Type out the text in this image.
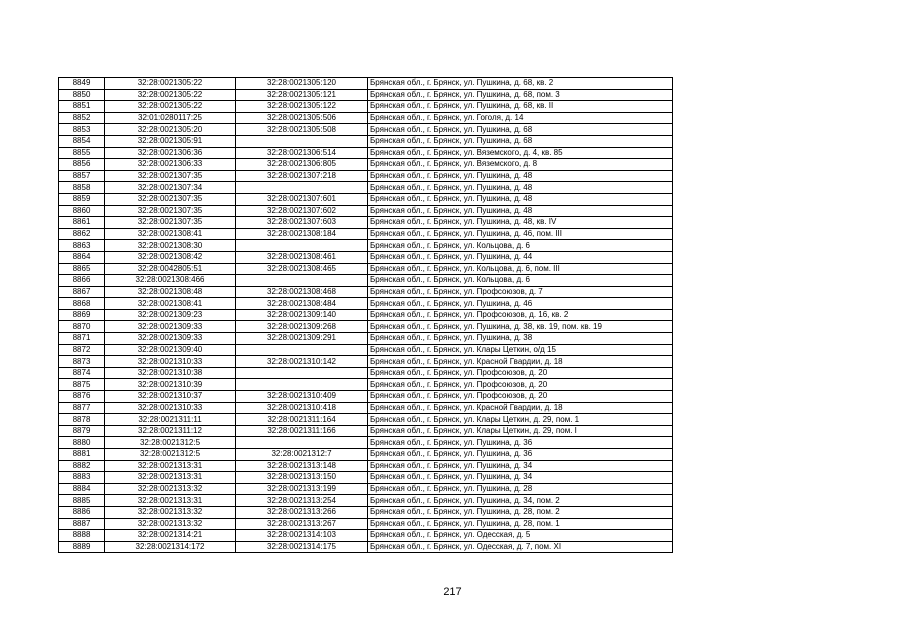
8849	32:28:0021305:22	32:28:0021305:120	Брянская обл., г. Брянск, ул. Пушкина, д. 68, кв. 2
8850	32:28:0021305:22	32:28:0021305:121	Брянская обл., г. Брянск, ул. Пушкина, д. 68, пом. 3
8851	32:28:0021305:22	32:28:0021305:122	Брянская обл., г. Брянск, ул. Пушкина, д. 68, кв. II
8852	32:01:0280117:25	32:28:0021305:506	Брянская обл., г. Брянск, ул. Гоголя, д. 14
8853	32:28:0021305:20	32:28:0021305:508	Брянская обл., г. Брянск, ул. Пушкина, д. 68
8854	32:28:0021305:91		Брянская обл., г. Брянск, ул. Пушкина, д. 68
8855	32:28:0021306:36	32:28:0021306:514	Брянская обл., г. Брянск, ул. Вяземского, д. 4, кв. 85
8856	32:28:0021306:33	32:28:0021306:805	Брянская обл., г. Брянск, ул. Вяземского, д. 8
8857	32:28:0021307:35	32:28:0021307:218	Брянская обл., г. Брянск, ул. Пушкина, д. 48
8858	32:28:0021307:34		Брянская обл., г. Брянск, ул. Пушкина, д. 48
8859	32:28:0021307:35	32:28:0021307:601	Брянская обл., г. Брянск, ул. Пушкина, д. 48
8860	32:28:0021307:35	32:28:0021307:602	Брянская обл., г. Брянск, ул. Пушкина, д. 48
8861	32:28:0021307:35	32:28:0021307:603	Брянская обл., г. Брянск, ул. Пушкина, д. 48, кв. IV
8862	32:28:0021308:41	32:28:0021308:184	Брянская обл., г. Брянск, ул. Пушкина, д. 46, пом. III
8863	32:28:0021308:30		Брянская обл., г. Брянск, ул. Кольцова, д. 6
8864	32:28:0021308:42	32:28:0021308:461	Брянская обл., г. Брянск, ул. Пушкина, д. 44
8865	32:28:0042805:51	32:28:0021308:465	Брянская обл., г. Брянск, ул. Кольцова, д. 6, пом. III
8866	32:28:0021308:466		Брянская обл., г. Брянск, ул. Кольцова, д. 6
8867	32:28:0021308:48	32:28:0021308:468	Брянская обл., г. Брянск, ул. Профсоюзов, д. 7
8868	32:28:0021308:41	32:28:0021308:484	Брянская обл., г. Брянск, ул. Пушкина, д. 46
8869	32:28:0021309:23	32:28:0021309:140	Брянская обл., г. Брянск, ул. Профсоюзов, д. 16, кв. 2
8870	32:28:0021309:33	32:28:0021309:268	Брянская обл., г. Брянск, ул. Пушкина, д. 38, кв. 19, пом. кв. 19
8871	32:28:0021309:33	32:28:0021309:291	Брянская обл., г. Брянск, ул. Пушкина, д. 38
8872	32:28:0021309:40		Брянская обл., г. Брянск, ул. Клары Цеткин, о/д 15
8873	32:28:0021310:33	32:28:0021310:142	Брянская обл., г. Брянск, ул. Красной Гвардии, д. 18
8874	32:28:0021310:38		Брянская обл., г. Брянск, ул. Профсоюзов, д. 20
8875	32:28:0021310:39		Брянская обл., г. Брянск, ул. Профсоюзов, д. 20
8876	32:28:0021310:37	32:28:0021310:409	Брянская обл., г. Брянск, ул. Профсоюзов, д. 20
8877	32:28:0021310:33	32:28:0021310:418	Брянская обл., г. Брянск, ул. Красной Гвардии, д. 18
8878	32:28:0021311:11	32:28:0021311:164	Брянская обл., г. Брянск, ул. Клары Цеткин, д. 29, пом. 1
8879	32:28:0021311:12	32:28:0021311:166	Брянская обл., г. Брянск, ул. Клары Цеткин, д. 29, пом. I
8880	32:28:0021312:5		Брянская обл., г. Брянск, ул. Пушкина, д. 36
8881	32:28:0021312:5	32:28:0021312:7	Брянская обл., г. Брянск, ул. Пушкина, д. 36
8882	32:28:0021313:31	32:28:0021313:148	Брянская обл., г. Брянск, ул. Пушкина, д. 34
8883	32:28:0021313:31	32:28:0021313:150	Брянская обл., г. Брянск, ул. Пушкина, д. 34
8884	32:28:0021313:32	32:28:0021313:199	Брянская обл., г. Брянск, ул. Пушкина, д. 28
8885	32:28:0021313:31	32:28:0021313:254	Брянская обл., г. Брянск, ул. Пушкина, д. 34, пом. 2
8886	32:28:0021313:32	32:28:0021313:266	Брянская обл., г. Брянск, ул. Пушкина, д. 28, пом. 2
8887	32:28:0021313:32	32:28:0021313:267	Брянская обл., г. Брянск, ул. Пушкина, д. 28, пом. 1
8888	32:28:0021314:21	32:28:0021314:103	Брянская обл., г. Брянск, ул. Одесская, д. 5
8889	32:28:0021314:172	32:28:0021314:175	Брянская обл., г. Брянск, ул. Одесская, д. 7, пом. XI
217
